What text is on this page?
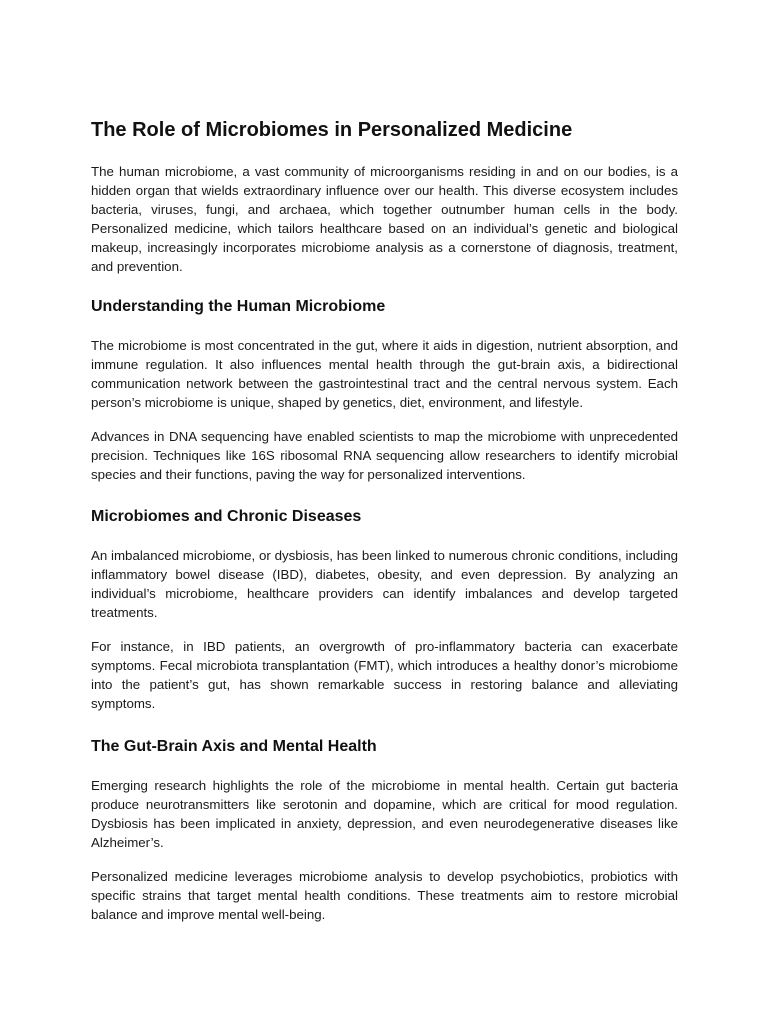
The Role of Microbiomes in Personalized Medicine

The human microbiome, a vast community of microorganisms residing in and on our bodies, is a hidden organ that wields extraordinary influence over our health. This diverse ecosystem includes bacteria, viruses, fungi, and archaea, which together outnumber human cells in the body. Personalized medicine, which tailors healthcare based on an individual’s genetic and biological makeup, increasingly incorporates microbiome analysis as a cornerstone of diagnosis, treatment, and prevention.

Understanding the Human Microbiome

The microbiome is most concentrated in the gut, where it aids in digestion, nutrient absorption, and immune regulation. It also influences mental health through the gut-brain axis, a bidirectional communication network between the gastrointestinal tract and the central nervous system. Each person’s microbiome is unique, shaped by genetics, diet, environment, and lifestyle.

Advances in DNA sequencing have enabled scientists to map the microbiome with unprecedented precision. Techniques like 16S ribosomal RNA sequencing allow researchers to identify microbial species and their functions, paving the way for personalized interventions.

Microbiomes and Chronic Diseases

An imbalanced microbiome, or dysbiosis, has been linked to numerous chronic conditions, including inflammatory bowel disease (IBD), diabetes, obesity, and even depression. By analyzing an individual’s microbiome, healthcare providers can identify imbalances and develop targeted treatments.

For instance, in IBD patients, an overgrowth of pro-inflammatory bacteria can exacerbate symptoms. Fecal microbiota transplantation (FMT), which introduces a healthy donor’s microbiome into the patient’s gut, has shown remarkable success in restoring balance and alleviating symptoms.

The Gut-Brain Axis and Mental Health

Emerging research highlights the role of the microbiome in mental health. Certain gut bacteria produce neurotransmitters like serotonin and dopamine, which are critical for mood regulation. Dysbiosis has been implicated in anxiety, depression, and even neurodegenerative diseases like Alzheimer’s.

Personalized medicine leverages microbiome analysis to develop psychobiotics, probiotics with specific strains that target mental health conditions. These treatments aim to restore microbial balance and improve mental well-being.
